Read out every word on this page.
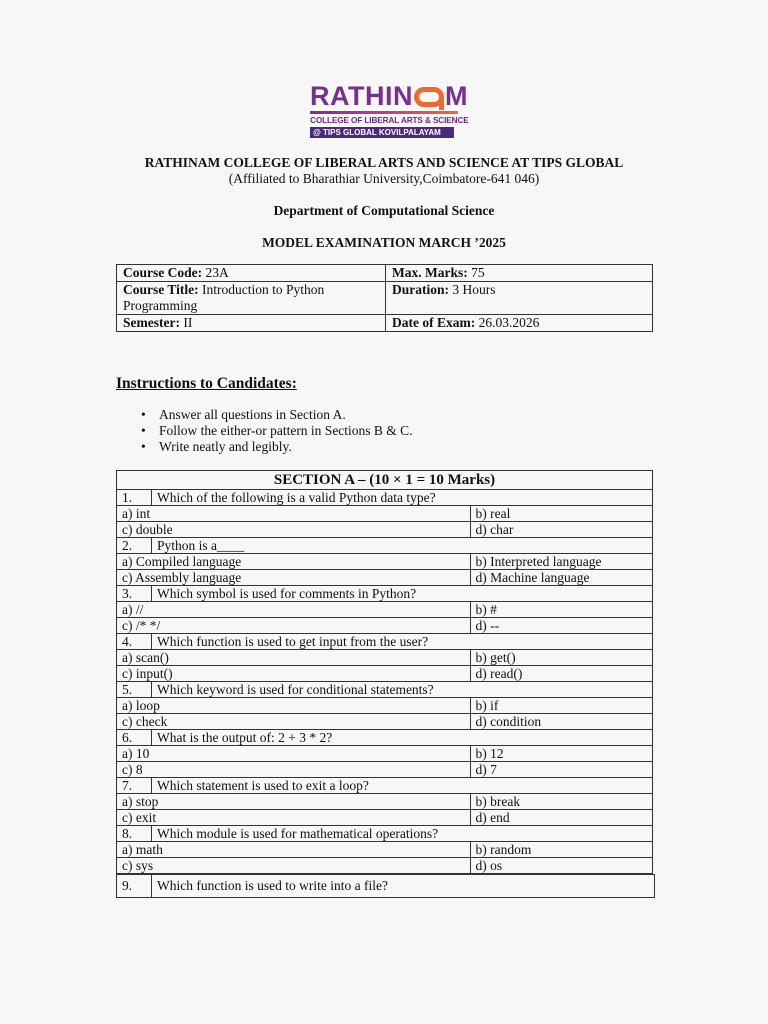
RATHIN M
COLLEGE OF LIBERAL ARTS & SCIENCE
@ TIPS GLOBAL KOVILPALAYAM
RATHINAM COLLEGE OF LIBERAL ARTS AND SCIENCE AT TIPS GLOBAL
(Affiliated to Bharathiar University,Coimbatore-641 046)
Department of Computational Science
MODEL EXAMINATION MARCH ’2025
Course Code: 23A	Max. Marks: 75
Course Title: Introduction to Python Programming	Duration: 3 Hours
Semester: II	Date of Exam: 26.03.2026
Instructions to Candidates:
• Answer all questions in Section A.
• Follow the either-or pattern in Sections B & C.
• Write neatly and legibly.
SECTION A – (10 × 1 = 10 Marks)		
1.	Which of the following is a valid Python data type?	
a) int		b) real
c) double		d) char
2.	Python is a____	
a) Compiled language		b) Interpreted language
c) Assembly language		d) Machine language
3.	Which symbol is used for comments in Python?	
a) //		b) #
c) /* */		d) --
4.	Which function is used to get input from the user?	
a) scan()		b) get()
c) input()		d) read()
5.	Which keyword is used for conditional statements?	
a) loop		b) if
c) check		d) condition
6.	What is the output of: 2 + 3 * 2?	
a) 10		b) 12
c) 8		d) 7
7.	Which statement is used to exit a loop?	
a) stop		b) break
c) exit		d) end
8.	Which module is used for mathematical operations?	
a) math		b) random
c) sys		d) os
9.	Which function is used to write into a file?
